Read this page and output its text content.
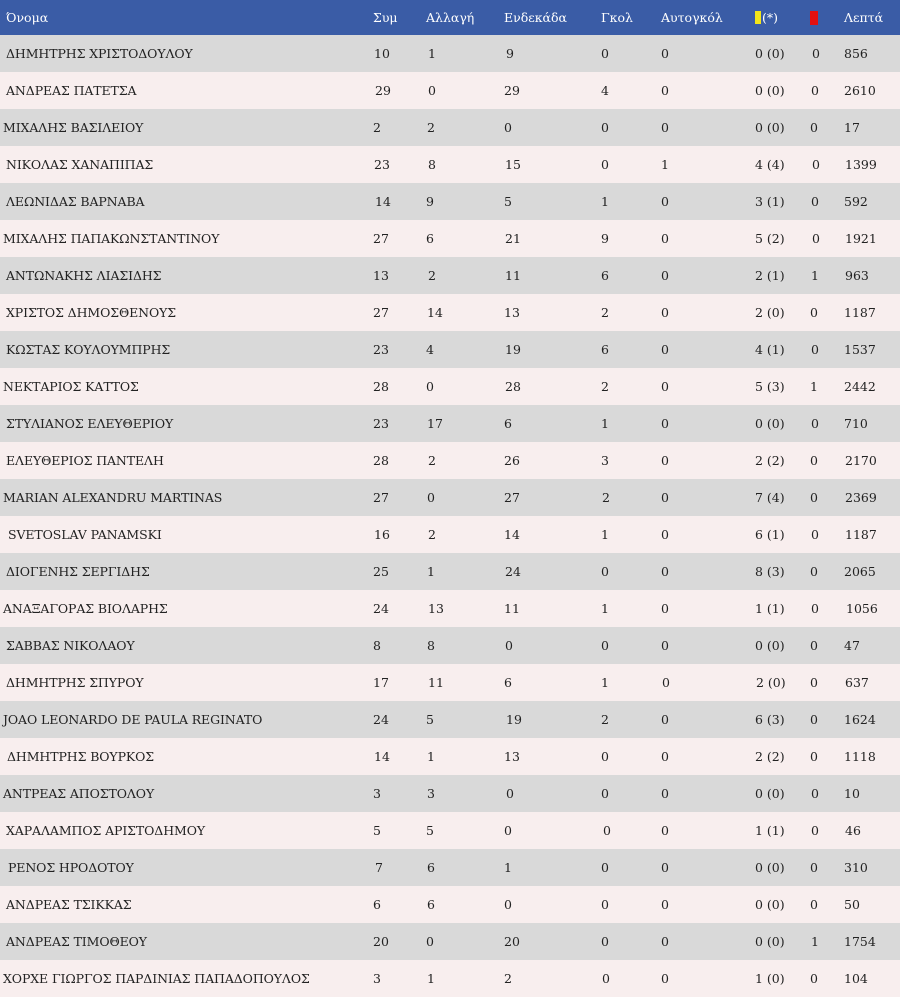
Όνομα	Συμ	Αλλαγή	Ενδεκάδα	Γκολ	Αυτογκόλ	(*)		Λεπτά
ΔΗΜΗΤΡΗΣ ΧΡΙΣΤΟΔΟΥΛΟΥ	10	1	9	0	0	0 (0)	0	856
ΑΝΔΡΕΑΣ ΠΑΤΕΤΣΑ	29	0	29	4	0	0 (0)	0	2610
ΜΙΧΑΛΗΣ ΒΑΣΙΛΕΙΟΥ	2	2	0	0	0	0 (0)	0	17
ΝΙΚΟΛΑΣ ΧΑΝΑΠΙΠΑΣ	23	8	15	0	1	4 (4)	0	1399
ΛΕΩΝΙΔΑΣ ΒΑΡΝΑΒΑ	14	9	5	1	0	3 (1)	0	592
ΜΙΧΑΛΗΣ ΠΑΠΑΚΩΝΣΤΑΝΤΙΝΟΥ	27	6	21	9	0	5 (2)	0	1921
ΑΝΤΩΝΑΚΗΣ ΛΙΑΣΙΔΗΣ	13	2	11	6	0	2 (1)	1	963
ΧΡΙΣΤΟΣ ΔΗΜΟΣΘΕΝΟΥΣ	27	14	13	2	0	2 (0)	0	1187
ΚΩΣΤΑΣ ΚΟΥΛΟΥΜΠΡΗΣ	23	4	19	6	0	4 (1)	0	1537
ΝΕΚΤΑΡΙΟΣ ΚΑΤΤΟΣ	28	0	28	2	0	5 (3)	1	2442
ΣΤΥΛΙΑΝΟΣ ΕΛΕΥΘΕΡΙΟΥ	23	17	6	1	0	0 (0)	0	710
ΕΛΕΥΘΕΡΙΟΣ ΠΑΝΤΕΛΗ	28	2	26	3	0	2 (2)	0	2170
MARIAN ALEXANDRU MARTINAS	27	0	27	2	0	7 (4)	0	2369
SVETOSLAV PANAMSKI	16	2	14	1	0	6 (1)	0	1187
ΔΙΟΓΕΝΗΣ ΣΕΡΓΙΔΗΣ	25	1	24	0	0	8 (3)	0	2065
ΑΝΑΞΑΓΟΡΑΣ ΒΙΟΛΑΡΗΣ	24	13	11	1	0	1 (1)	0	1056
ΣΑΒΒΑΣ ΝΙΚΟΛΑΟΥ	8	8	0	0	0	0 (0)	0	47
ΔΗΜΗΤΡΗΣ ΣΠΥΡΟΥ	17	11	6	1	0	2 (0)	0	637
JOAO LEONARDO DE PAULA REGINATO	24	5	19	2	0	6 (3)	0	1624
ΔΗΜΗΤΡΗΣ ΒΟΥΡΚΟΣ	14	1	13	0	0	2 (2)	0	1118
ΑΝΤΡΕΑΣ ΑΠΟΣΤΟΛΟΥ	3	3	0	0	0	0 (0)	0	10
ΧΑΡΑΛΑΜΠΟΣ ΑΡΙΣΤΟΔΗΜΟΥ	5	5	0	0	0	1 (1)	0	46
ΡΕΝΟΣ ΗΡΟΔΟΤΟΥ	7	6	1	0	0	0 (0)	0	310
ΑΝΔΡΕΑΣ ΤΣΙΚΚΑΣ	6	6	0	0	0	0 (0)	0	50
ΑΝΔΡΕΑΣ ΤΙΜΟΘΕΟΥ	20	0	20	0	0	0 (0)	1	1754
ΧΟΡΧΕ ΓΙΩΡΓΟΣ ΠΑΡΔΙΝΙΑΣ ΠΑΠΑΔΟΠΟΥΛΟΣ	3	1	2	0	0	1 (0)	0	104
